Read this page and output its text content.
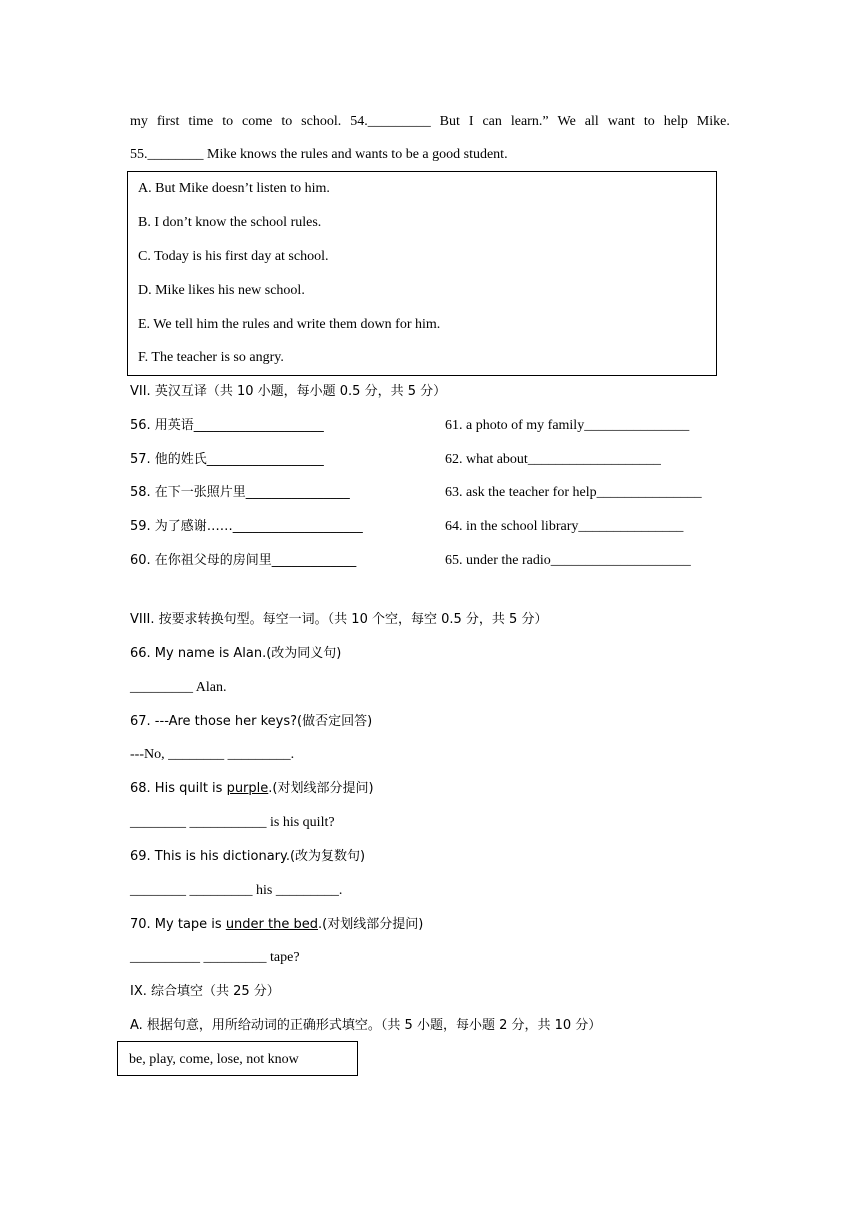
my first time to come to school. 54._________ But I can learn.” We all want to help Mike.
55.________ Mike knows the rules and wants to be a good student.
A. But Mike doesn’t listen to him.
B. I don’t know the school rules.
C. Today is his first day at school.
D. Mike likes his new school.
E. We tell him the rules and write them down for him.
F. The teacher is so angry.
VII. 英汉互译（共 10 小题，每小题 0.5 分，共 5 分）
56. 用英语____________________
57. 他的姓氏__________________
58. 在下一张照片里________________
59. 为了感谢……____________________
60. 在你祖父母的房间里_____________
61. a photo of my family_______________
62. what about___________________
63. ask the teacher for help_______________
64. in the school library_______________
65. under the radio____________________
VIII. 按要求转换句型。每空一词。（共 10 个空，每空 0.5 分，共 5 分）
66. My name is Alan.(改为同义句)
_________ Alan.
67. ---Are those her keys?(做否定回答)
---No, ________ _________.
68. His quilt is purple.(对划线部分提问)
________ ___________ is his quilt?
69. This is his dictionary.(改为复数句)
________ _________ his _________.
70. My tape is under the bed.(对划线部分提问)
__________ _________ tape?
IX. 综合填空（共 25 分）
A. 根据句意，用所给动词的正确形式填空。（共 5 小题，每小题 2 分，共 10 分）
be, play, come, lose, not know
